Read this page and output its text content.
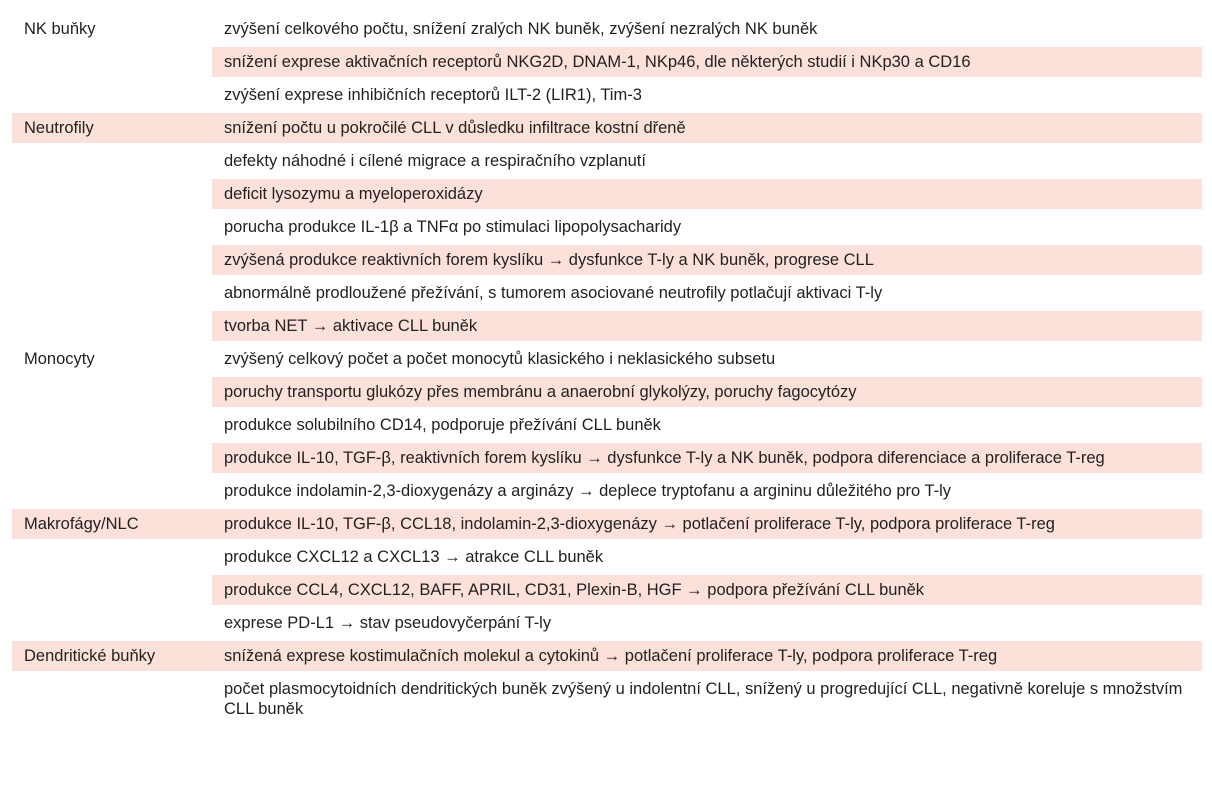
NK buňky	zvýšení celkového počtu, snížení zralých NK buněk, zvýšení nezralých NK buněk
snížení exprese aktivačních receptorů NKG2D, DNAM-1, NKp46, dle některých studií i NKp30 a CD16
zvýšení exprese inhibičních receptorů ILT-2 (LIR1), Tim-3
Neutrofily	snížení počtu u pokročilé CLL v důsledku infiltrace kostní dřeně
defekty náhodné i cílené migrace a respiračního vzplanutí
deficit lysozymu a myeloperoxidázy
porucha produkce IL-1β a TNFα po stimulaci lipopolysacharidy
zvýšená produkce reaktivních forem kyslíku → dysfunkce T-ly a NK buněk, progrese CLL
abnormálně prodloužené přežívání, s tumorem asociované neutrofily potlačují aktivaci T-ly
tvorba NET → aktivace CLL buněk
Monocyty	zvýšený celkový počet a počet monocytů klasického i neklasického subsetu
poruchy transportu glukózy přes membránu a anaerobní glykolýzy, poruchy fagocytózy
produkce solubilního CD14, podporuje přežívání CLL buněk
produkce IL-10, TGF-β, reaktivních forem kyslíku → dysfunkce T-ly a NK buněk, podpora diferenciace a proliferace T-reg
produkce indolamin-2,3-dioxygenázy a arginázy → deplece tryptofanu a argininu důležitého pro T-ly
Makrofágy/NLC	produkce IL-10, TGF-β, CCL18, indolamin-2,3-dioxygenázy → potlačení proliferace T-ly, podpora proliferace T-reg
produkce CXCL12 a CXCL13 → atrakce CLL buněk
produkce CCL4, CXCL12, BAFF, APRIL, CD31, Plexin-B, HGF → podpora přežívání CLL buněk
exprese PD-L1 → stav pseudovyčerpání T-ly
Dendritické buňky	snížená exprese kostimulačních molekul a cytokinů → potlačení proliferace T-ly, podpora proliferace T-reg
počet plasmocytoidních dendritických buněk zvýšený u indolentní CLL, snížený u progredující CLL, negativně koreluje s množstvím CLL buněk
